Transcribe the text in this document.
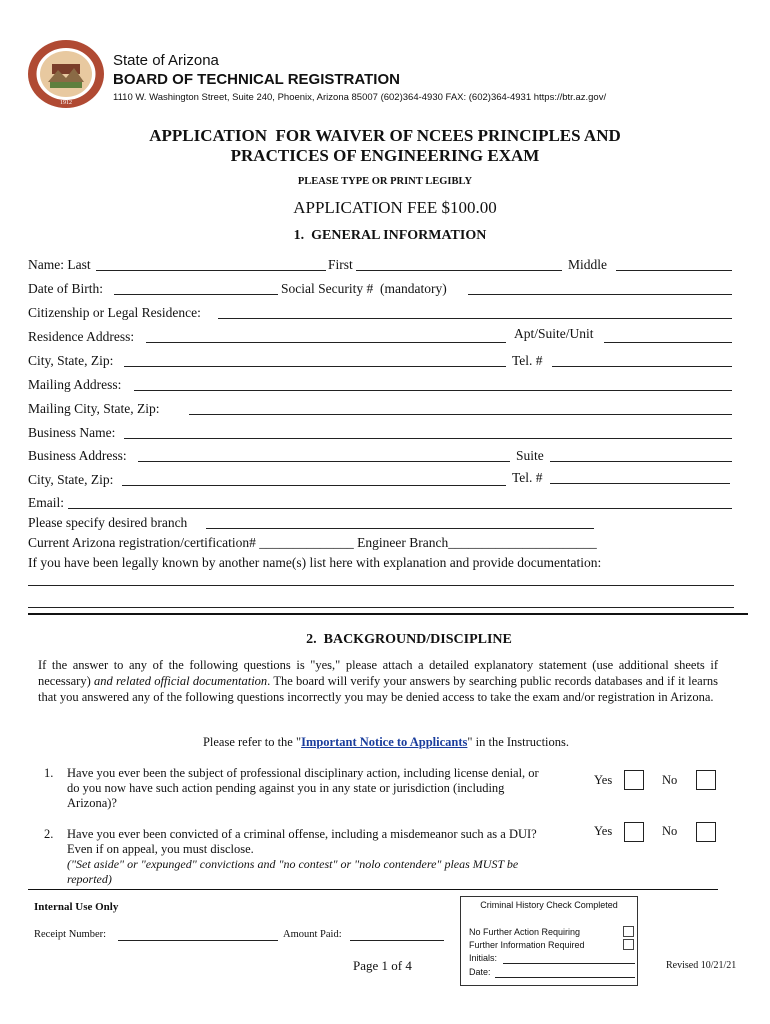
1912
State of Arizona
BOARD OF TECHNICAL REGISTRATION
1110 W. Washington Street, Suite 240, Phoenix, Arizona 85007 (602)364-4930 FAX: (602)364-4931 https://btr.az.gov/
APPLICATION  FOR WAIVER OF NCEES PRINCIPLES AND
PRACTICES OF ENGINEERING EXAM
PLEASE TYPE OR PRINT LEGIBLY
APPLICATION FEE $100.00
1.  GENERAL INFORMATION
Name: Last	First	Middle
Date of Birth:	Social Security #  (mandatory)
Citizenship or Legal Residence:
Residence Address:	Apt/Suite/Unit
City, State, Zip:	Tel. #
Mailing Address:
Mailing City, State, Zip:
Business Name:
Business Address:	Suite
City, State, Zip:	Tel. #
Email:
Please specify desired branch
Current Arizona registration/certification# ______________ Engineer Branch______________________
If you have been legally known by another name(s) list here with explanation and provide documentation:
2.  BACKGROUND/DISCIPLINE
If the answer to any of the following questions is "yes," please attach a detailed explanatory statement (use additional sheets if necessary) and related official documentation. The board will verify your answers by searching public records databases and if it learns that you answered any of the following questions incorrectly you may be denied access to take the exam and/or registration in Arizona.
Please refer to the "Important Notice to Applicants" in the Instructions.
1. Have you ever been the subject of professional disciplinary action, including license denial, or do you now have such action pending against you in any state or jurisdiction (including Arizona)?
Yes	No
2. Have you ever been convicted of a criminal offense, including a misdemeanor such as a DUI? Even if on appeal, you must disclose.
("Set aside" or "expunged" convictions and "no contest" or "nolo contendere" pleas MUST be reported)
Yes	No
Internal Use Only
Receipt Number:	Amount Paid:
Page 1 of 4
Criminal History Check Completed
No Further Action Requiring
Further Information Required
Initials:
Date:
Revised 10/21/21
